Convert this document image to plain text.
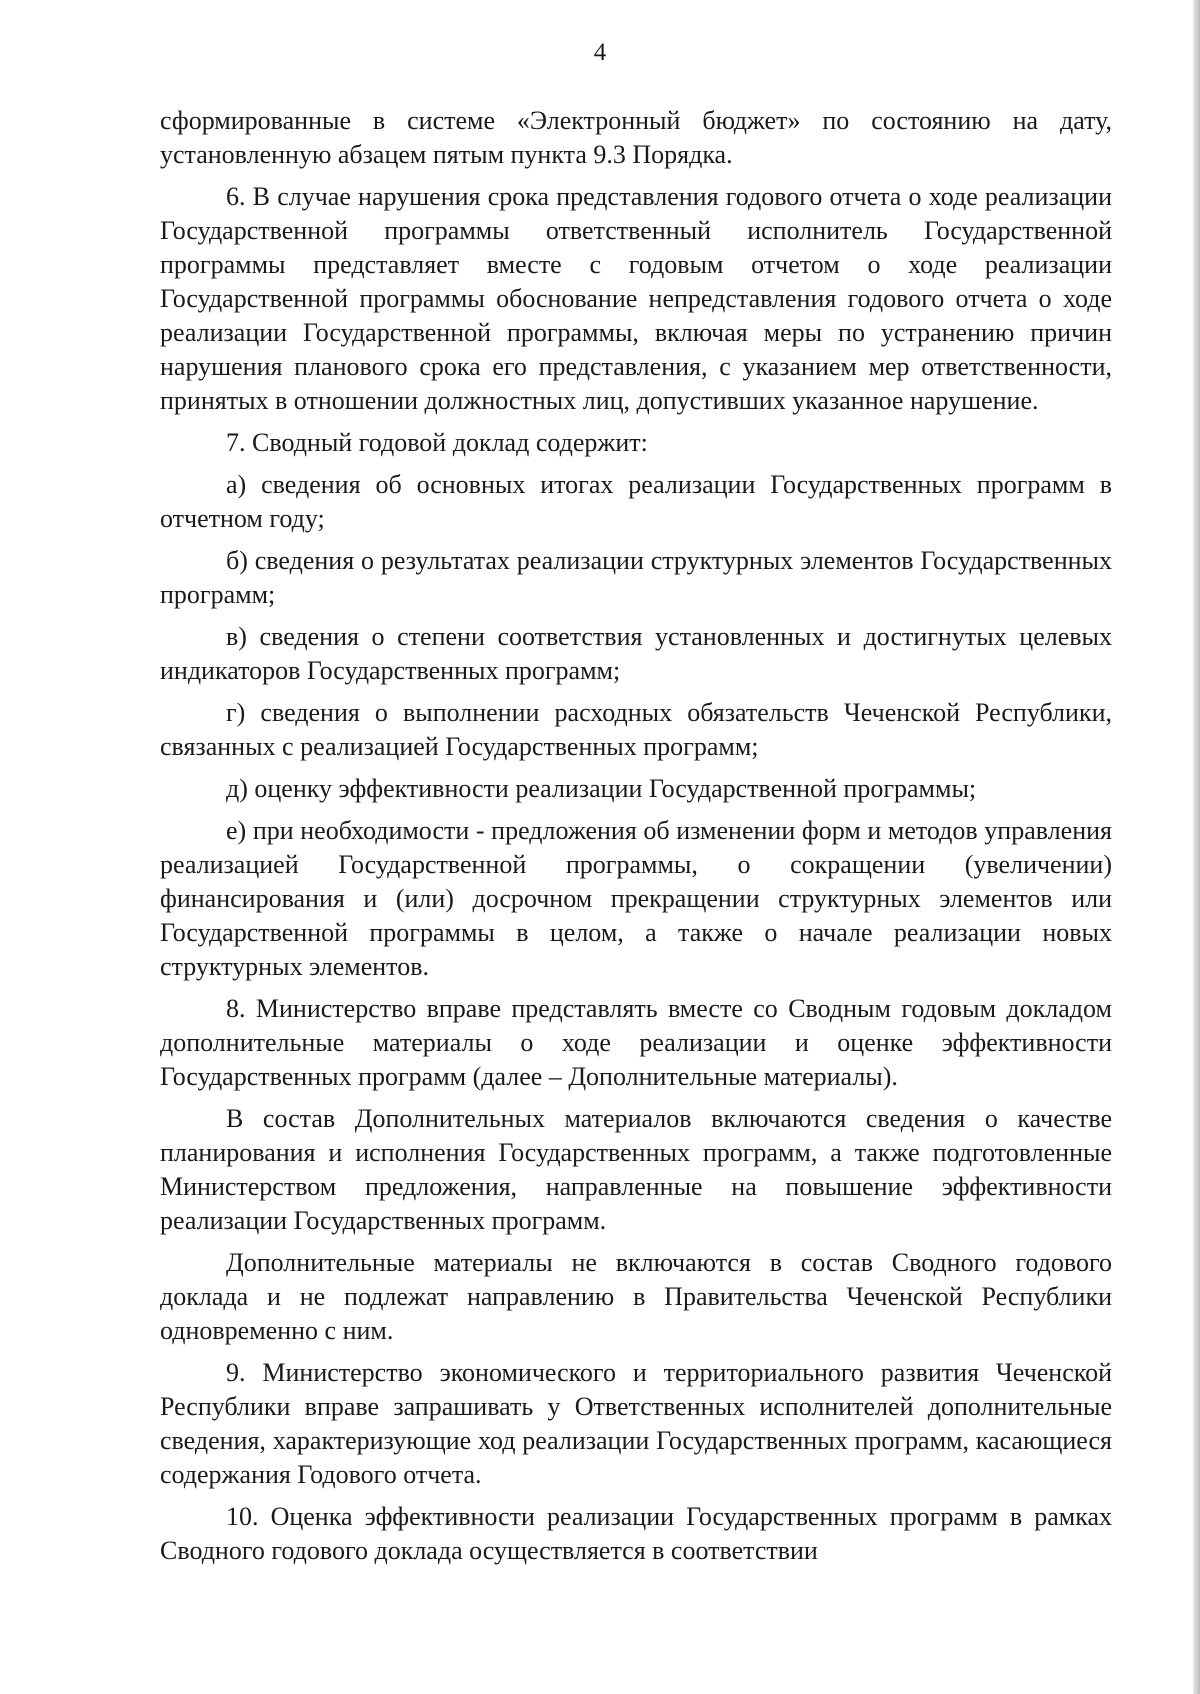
4

сформированные в системе «Электронный бюджет» по состоянию на дату, установленную абзацем пятым пункта 9.3 Порядка.

6. В случае нарушения срока представления годового отчета о ходе реализации Государственной программы ответственный исполнитель Государственной программы представляет вместе с годовым отчетом о ходе реализации Государственной программы обоснование непредставления годового отчета о ходе реализации Государственной программы, включая меры по устранению причин нарушения планового срока его представления, с указанием мер ответственности, принятых в отношении должностных лиц, допустивших указанное нарушение.

7. Сводный годовой доклад содержит:

а) сведения об основных итогах реализации Государственных программ в отчетном году;

б) сведения о результатах реализации структурных элементов Государственных программ;

в) сведения о степени соответствия установленных и достигнутых целевых индикаторов Государственных программ;

г) сведения о выполнении расходных обязательств Чеченской Республики, связанных с реализацией Государственных программ;

д) оценку эффективности реализации Государственной программы;

е) при необходимости - предложения об изменении форм и методов управления реализацией Государственной программы, о сокращении (увеличении) финансирования и (или) досрочном прекращении структурных элементов или Государственной программы в целом, а также о начале реализации новых структурных элементов.

8. Министерство вправе представлять вместе со Сводным годовым докладом дополнительные материалы о ходе реализации и оценке эффективности Государственных программ (далее – Дополнительные материалы).

В состав Дополнительных материалов включаются сведения о качестве планирования и исполнения Государственных программ, а также подготовленные Министерством предложения, направленные на повышение эффективности реализации Государственных программ.

Дополнительные материалы не включаются в состав Сводного годового доклада и не подлежат направлению в Правительства Чеченской Республики одновременно с ним.

9. Министерство экономического и территориального развития Чеченской Республики вправе запрашивать у Ответственных исполнителей дополнительные сведения, характеризующие ход реализации Государственных программ, касающиеся содержания Годового отчета.

10. Оценка эффективности реализации Государственных программ в рамках Сводного годового доклада осуществляется в соответствии
